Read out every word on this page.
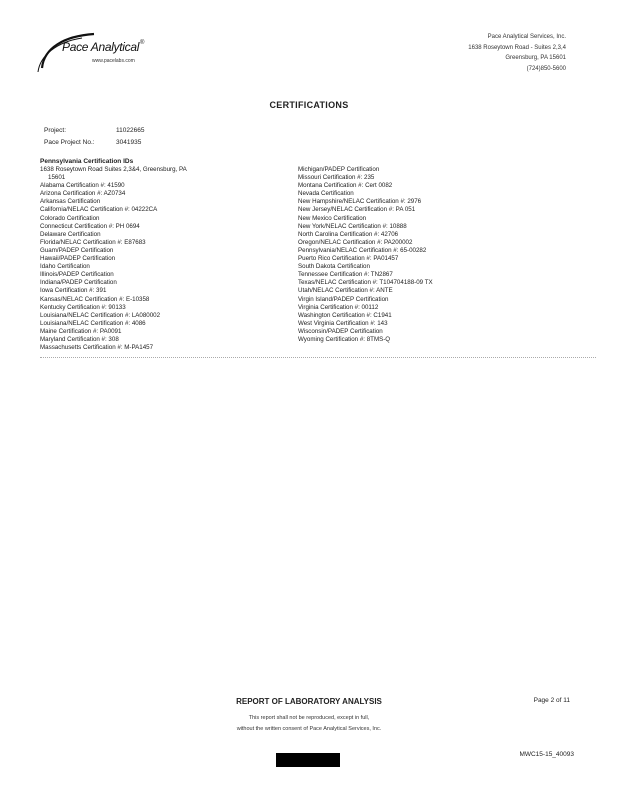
Pace Analytical ®
www.pacelabs.com
Pace Analytical Services, Inc.
1638 Roseytown Road - Suites 2,3,4
Greensburg, PA 15601
(724)850-5600
CERTIFICATIONS
Project:	11022665
Pace Project No.:	3041935
Pennsylvania Certification IDs
1638 Roseytown Road Suites 2,3&4, Greensburg, PA
15601
Alabama Certification #: 41590
Arizona Certification #: AZ0734
Arkansas Certification
California/NELAC Certification #: 04222CA
Colorado Certification
Connecticut Certification #: PH 0694
Delaware Certification
Florida/NELAC Certification #: E87683
Guam/PADEP Certification
Hawaii/PADEP Certification
Idaho Certification
Illinois/PADEP Certification
Indiana/PADEP Certification
Iowa Certification #: 391
Kansas/NELAC Certification #: E-10358
Kentucky Certification #: 90133
Louisiana/NELAC Certification #: LA080002
Louisiana/NELAC Certification #: 4086
Maine Certification #: PA0091
Maryland Certification #: 308
Massachusetts Certification #: M-PA1457
Michigan/PADEP Certification
Missouri Certification #: 235
Montana Certification #: Cert 0082
Nevada Certification
New Hampshire/NELAC Certification #: 2976
New Jersey/NELAC Certification #: PA 051
New Mexico Certification
New York/NELAC Certification #: 10888
North Carolina Certification #: 42706
Oregon/NELAC Certification #: PA200002
Pennsylvania/NELAC Certification #: 65-00282
Puerto Rico Certification #: PA01457
South Dakota Certification
Tennessee Certification #: TN2867
Texas/NELAC Certification #: T104704188-09 TX
Utah/NELAC Certification #: ANTE
Virgin Island/PADEP Certification
Virginia Certification #: 00112
Washington Certification #: C1941
West Virginia Certification #: 143
Wisconsin/PADEP Certification
Wyoming Certification #: 8TMS-Q
REPORT OF LABORATORY ANALYSIS	Page 2 of 11
This report shall not be reproduced, except in full,
without the written consent of Pace Analytical Services, Inc.
MWC15-15_40093
